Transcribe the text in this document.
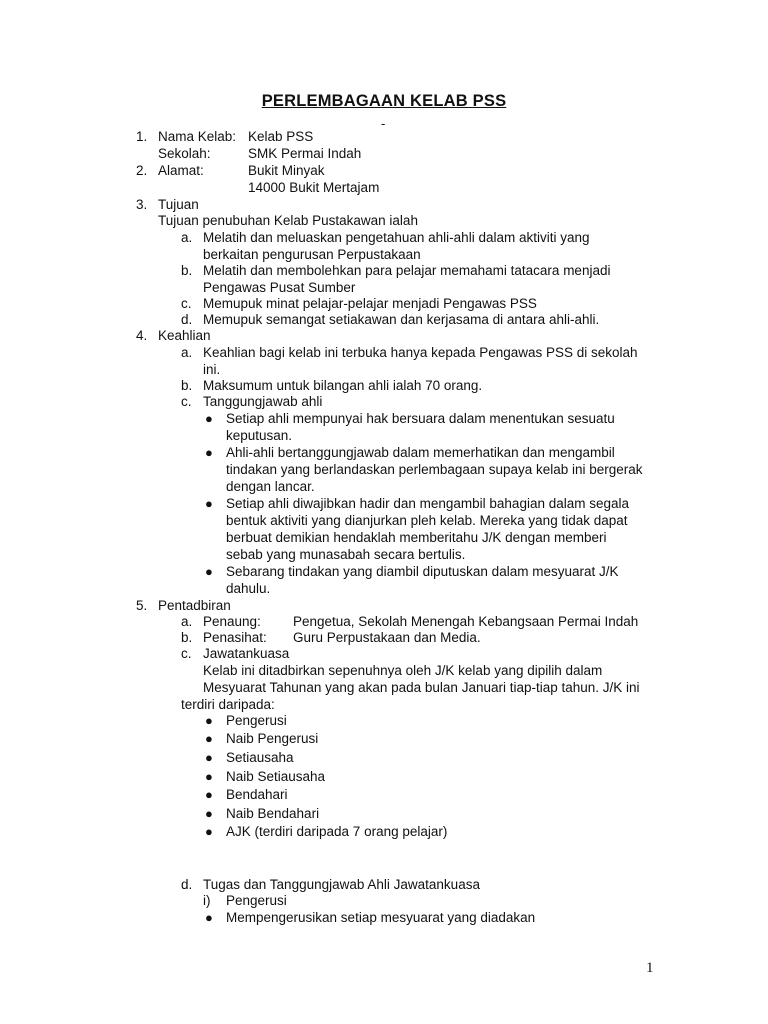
PERLEMBAGAAN KELAB PSS
-
1. Nama Kelab: Kelab PSS
Sekolah:	SMK Permai Indah
2. Alamat:	Bukit Minyak
14000 Bukit Mertajam
3. Tujuan
Tujuan penubuhan Kelab Pustakawan ialah
a. Melatih dan meluaskan pengetahuan ahli-ahli dalam aktiviti yang
berkaitan pengurusan Perpustakaan
b. Melatih dan membolehkan para pelajar memahami tatacara menjadi
Pengawas Pusat Sumber
c. Memupuk minat pelajar-pelajar menjadi Pengawas PSS
d. Memupuk semangat setiakawan dan kerjasama di antara ahli-ahli.
4. Keahlian
a. Keahlian bagi kelab ini terbuka hanya kepada Pengawas PSS di sekolah
ini.
b. Maksumum untuk bilangan ahli ialah 70 orang.
c. Tanggungjawab ahli
● Setiap ahli mempunyai hak bersuara dalam menentukan sesuatu
keputusan.
● Ahli-ahli bertanggungjawab dalam memerhatikan dan mengambil
tindakan yang berlandaskan perlembagaan supaya kelab ini bergerak
dengan lancar.
● Setiap ahli diwajibkan hadir dan mengambil bahagian dalam segala
bentuk aktiviti yang dianjurkan pleh kelab. Mereka yang tidak dapat
berbuat demikian hendaklah memberitahu J/K dengan memberi
sebab yang munasabah secara bertulis.
● Sebarang tindakan yang diambil diputuskan dalam mesyuarat J/K
dahulu.
5. Pentadbiran
a. Penaung: Pengetua, Sekolah Menengah Kebangsaan Permai Indah
b. Penasihat: Guru Perpustakaan dan Media.
c. Jawatankuasa
Kelab ini ditadbirkan sepenuhnya oleh J/K kelab yang dipilih dalam
Mesyuarat Tahunan yang akan pada bulan Januari tiap-tiap tahun. J/K ini
terdiri daripada:
● Pengerusi
● Naib Pengerusi
● Setiausaha
● Naib Setiausaha
● Bendahari
● Naib Bendahari
● AJK (terdiri daripada 7 orang pelajar)
d. Tugas dan Tanggungjawab Ahli Jawatankuasa
i) Pengerusi
● Mempengerusikan setiap mesyuarat yang diadakan
1
